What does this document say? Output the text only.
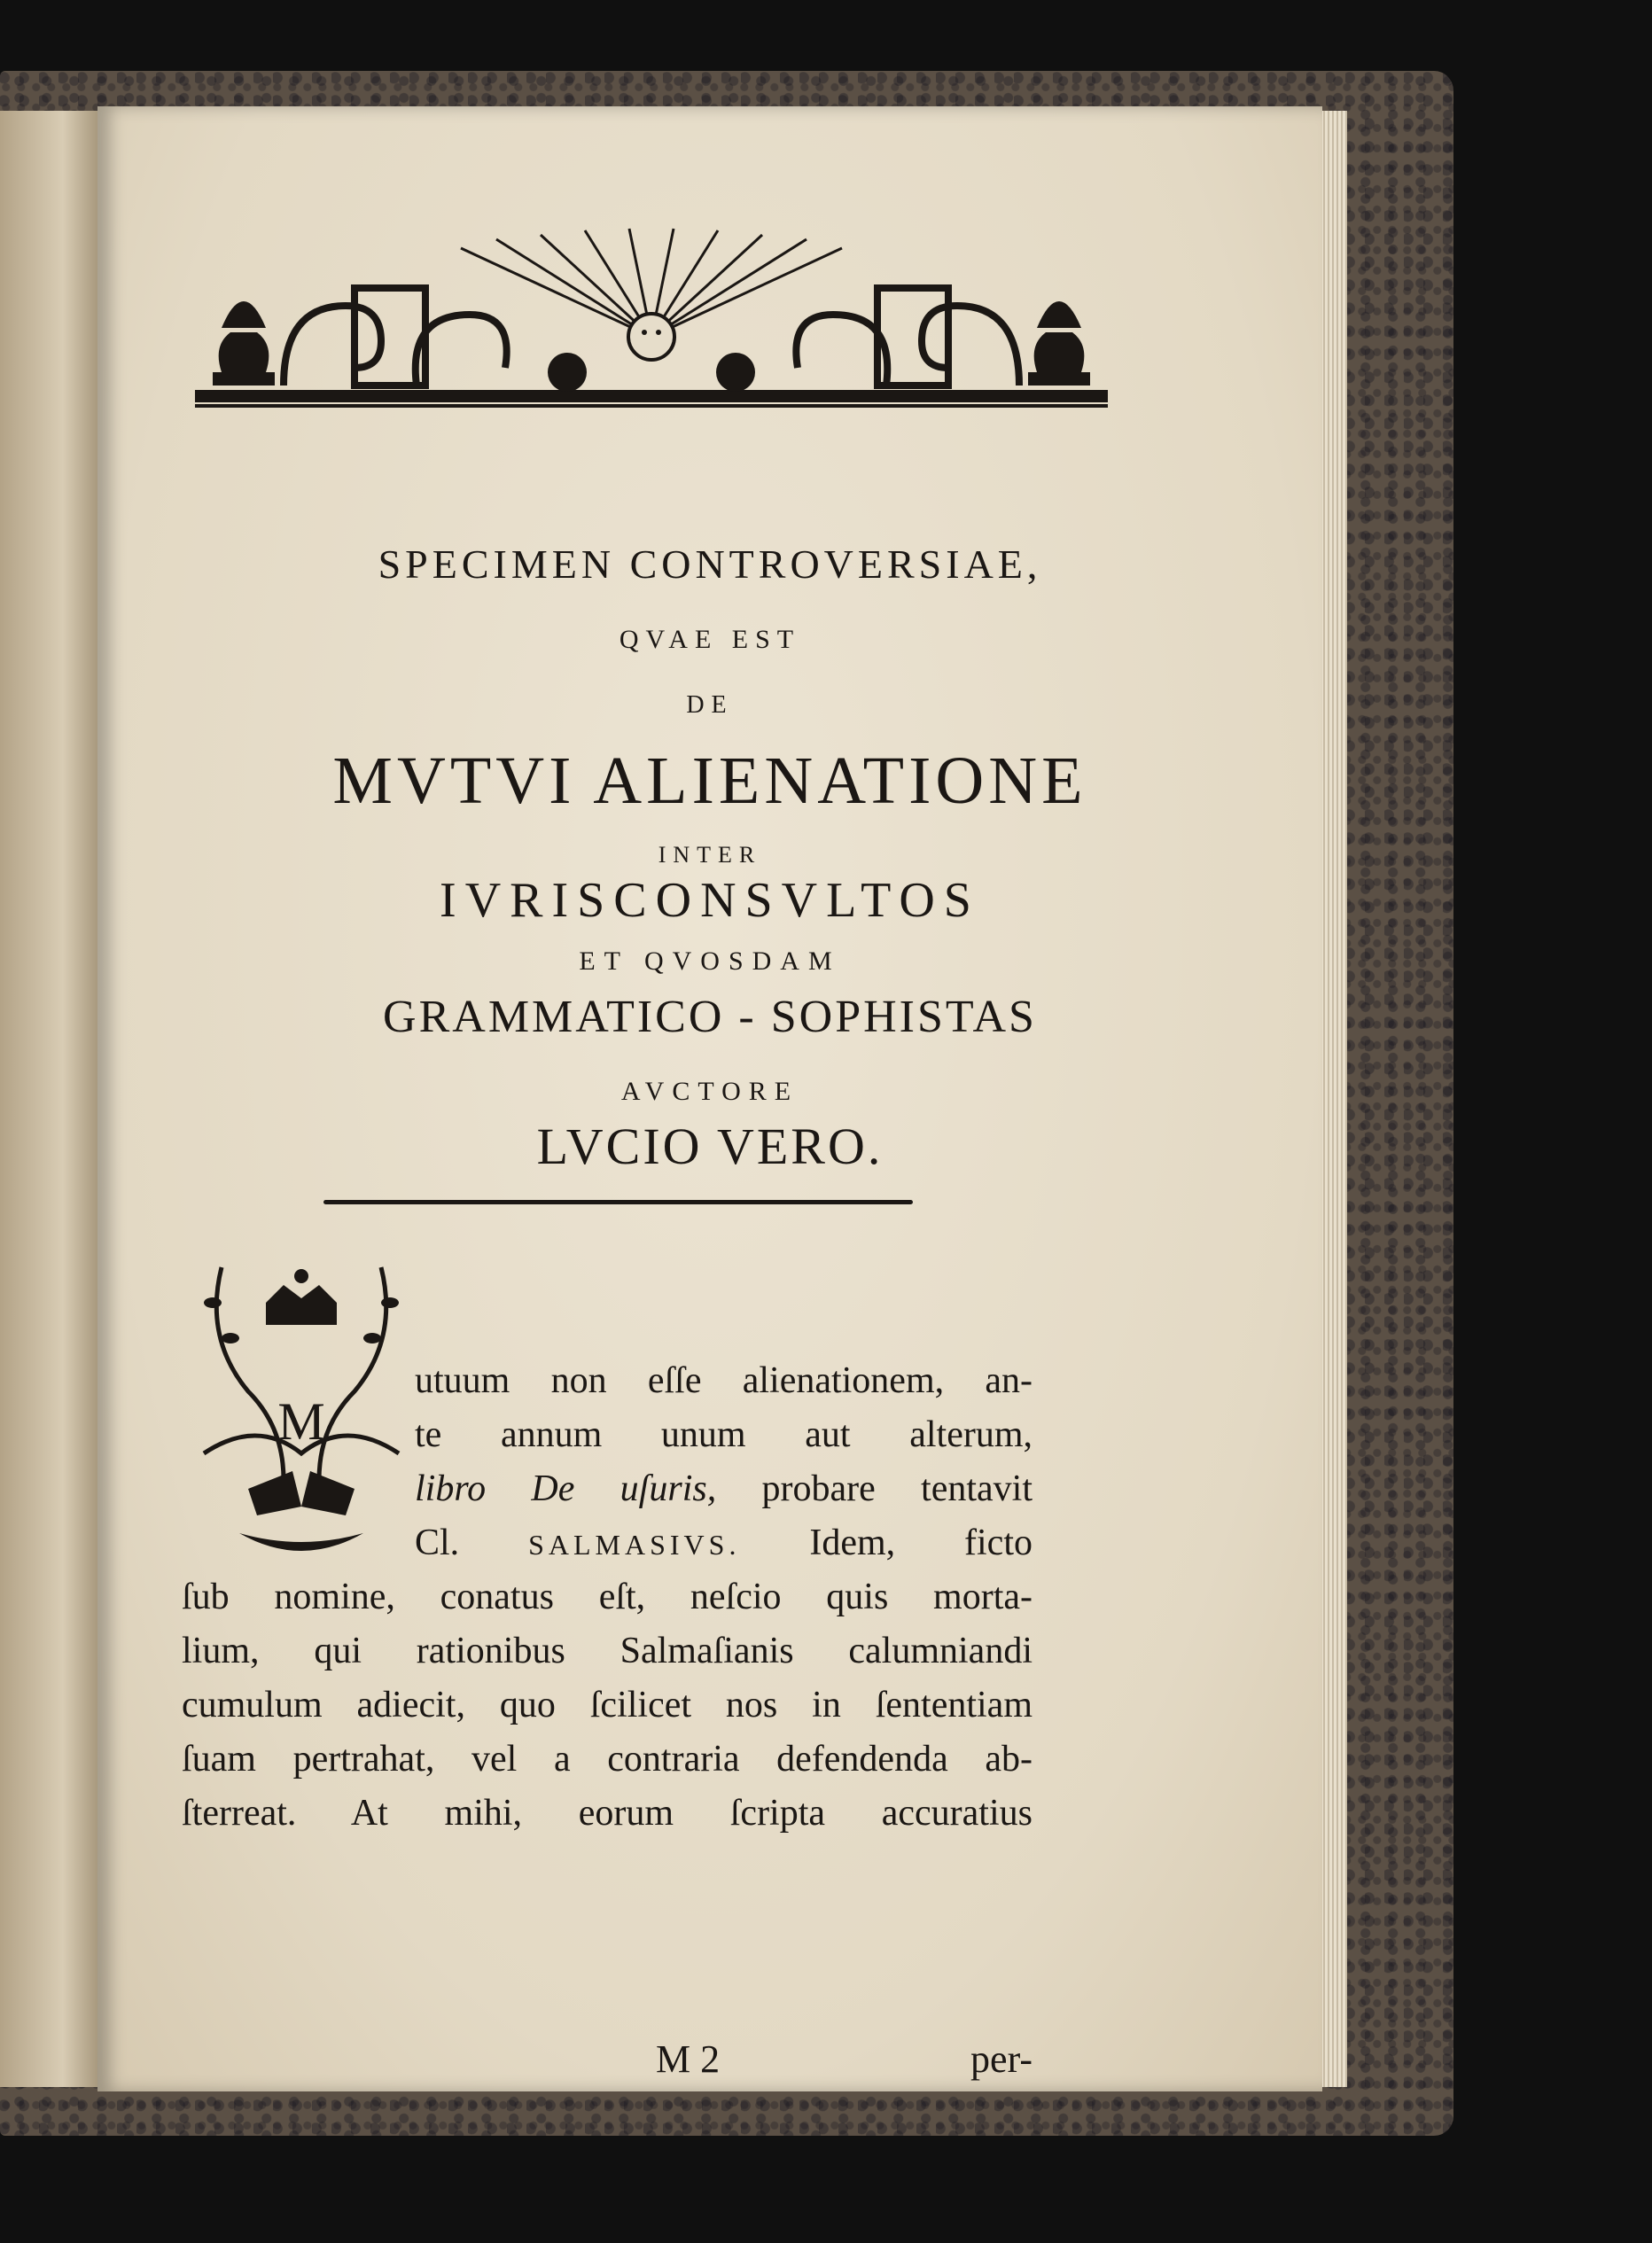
SPECIMEN CONTROVERSIAE,
QVAE EST
DE
MVTVI ALIENATIONE
INTER
IVRISCONSVLTOS
ET QVOSDAM
GRAMMATICO - SOPHISTAS
AVCTORE
LVCIO VERO.
M
utuum non eſſe alienationem, an-
te annum unum aut alterum,
libro De uſuris, probare tentavit
Cl. SALMASIVS. Idem, ficto
ſub nomine, conatus eſt, neſcio quis morta-
lium, qui rationibus Salmaſianis calumniandi
cumulum adiecit, quo ſcilicet nos in ſententiam
ſuam pertrahat, vel a contraria defendenda ab-
ſterreat. At mihi, eorum ſcripta accuratius
M 2	per-
